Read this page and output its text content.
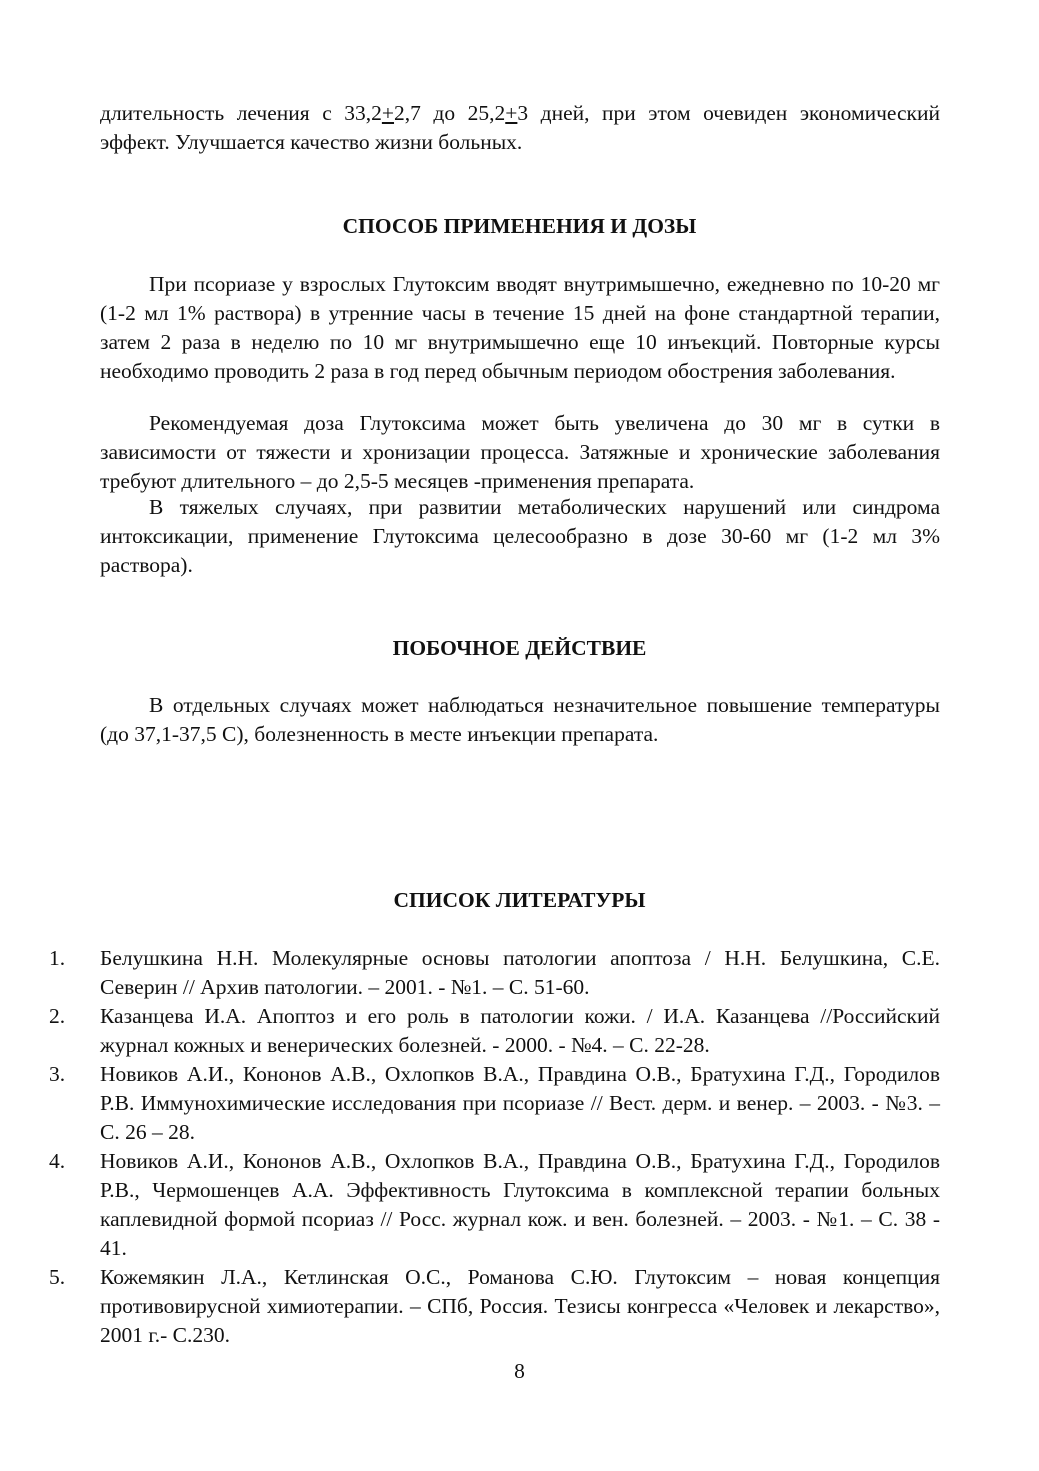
длительность лечения с 33,2+2,7 до 25,2+3 дней, при этом очевиден экономический эффект. Улучшается качество жизни больных.

СПОСОБ ПРИМЕНЕНИЯ И ДОЗЫ

При псориазе у взрослых Глутоксим вводят внутримышечно, ежедневно по 10-20 мг (1-2 мл 1% раствора) в утренние часы в течение 15 дней на фоне стандартной терапии, затем 2 раза в неделю по 10 мг внутримышечно еще 10 инъекций. Повторные курсы необходимо проводить 2 раза в год перед обычным периодом обострения заболевания.

Рекомендуемая доза Глутоксима может быть увеличена до 30 мг в сутки в зависимости от тяжести и хронизации процесса. Затяжные и хронические заболевания требуют длительного – до 2,5-5 месяцев -применения препарата.

В тяжелых случаях, при развитии метаболических нарушений или синдрома интоксикации, применение Глутоксима целесообразно в дозе 30-60 мг (1-2 мл 3% раствора).

ПОБОЧНОЕ ДЕЙСТВИЕ

В отдельных случаях может наблюдаться незначительное повышение температуры (до 37,1-37,5 С), болезненность в месте инъекции препарата.

СПИСОК ЛИТЕРАТУРЫ
1. Белушкина Н.Н. Молекулярные основы патологии апоптоза / Н.Н. Белушкина, С.Е. Северин // Архив патологии. – 2001. - №1. – С. 51-60.
2. Казанцева И.А. Апоптоз и его роль в патологии кожи. / И.А. Казанцева //Российский журнал кожных и венерических болезней. - 2000. - №4. – С. 22-28.
3. Новиков А.И., Кононов А.В., Охлопков В.А., Правдина О.В., Братухина Г.Д., Городилов Р.В. Иммунохимические исследования при псориазе // Вест. дерм. и венер. – 2003. - №3. – С. 26 – 28.
4. Новиков А.И., Кононов А.В., Охлопков В.А., Правдина О.В., Братухина Г.Д., Городилов Р.В., Чермошенцев А.А. Эффективность Глутоксима в комплексной терапии больных каплевидной формой псориаз // Росс. журнал кож. и вен. болезней. – 2003. - №1. – С. 38 - 41.
5. Кожемякин Л.А., Кетлинская О.С., Романова С.Ю. Глутоксим – новая концепция противовирусной химиотерапии. – СПб, Россия. Тезисы конгресса «Человек и лекарство», 2001 г.- С.230.
8
